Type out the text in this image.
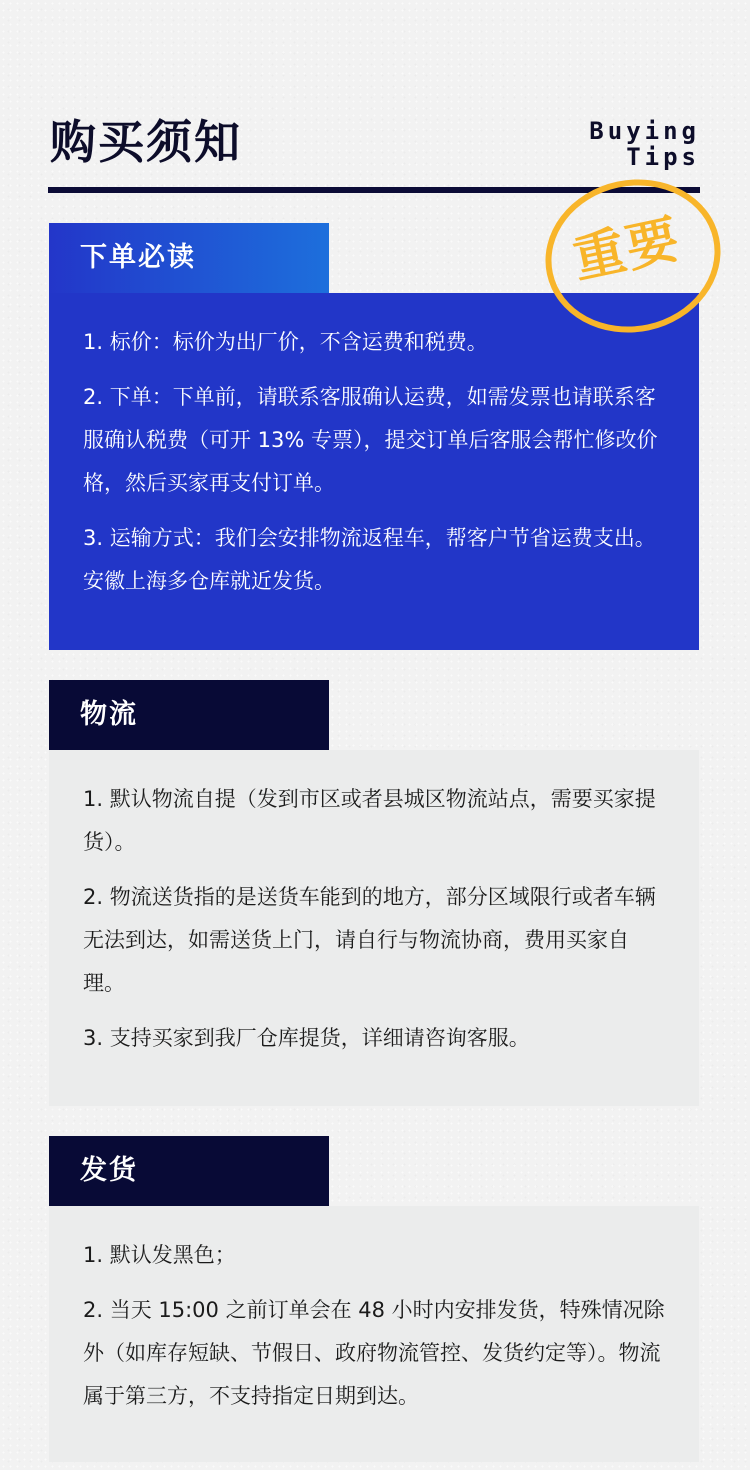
购买须知	Buying
Tips
重要
下单必读

1. 标价：标价为出厂价，不含运费和税费。

2. 下单：下单前，请联系客服确认运费，如需发票也请联系客服确认税费（可开 13% 专票），提交订单后客服会帮忙修改价格，然后买家再支付订单。

3. 运输方式：我们会安排物流返程车，帮客户节省运费支出。安徽上海多仓库就近发货。

物流

1. 默认物流自提（发到市区或者县城区物流站点，需要买家提货）。

2. 物流送货指的是送货车能到的地方，部分区域限行或者车辆无法到达，如需送货上门，请自行与物流协商，费用买家自理。

3. 支持买家到我厂仓库提货，详细请咨询客服。

发货

1. 默认发黑色；

2. 当天 15:00 之前订单会在 48 小时内安排发货，特殊情况除外（如库存短缺、节假日、政府物流管控、发货约定等）。物流属于第三方，不支持指定日期到达。
